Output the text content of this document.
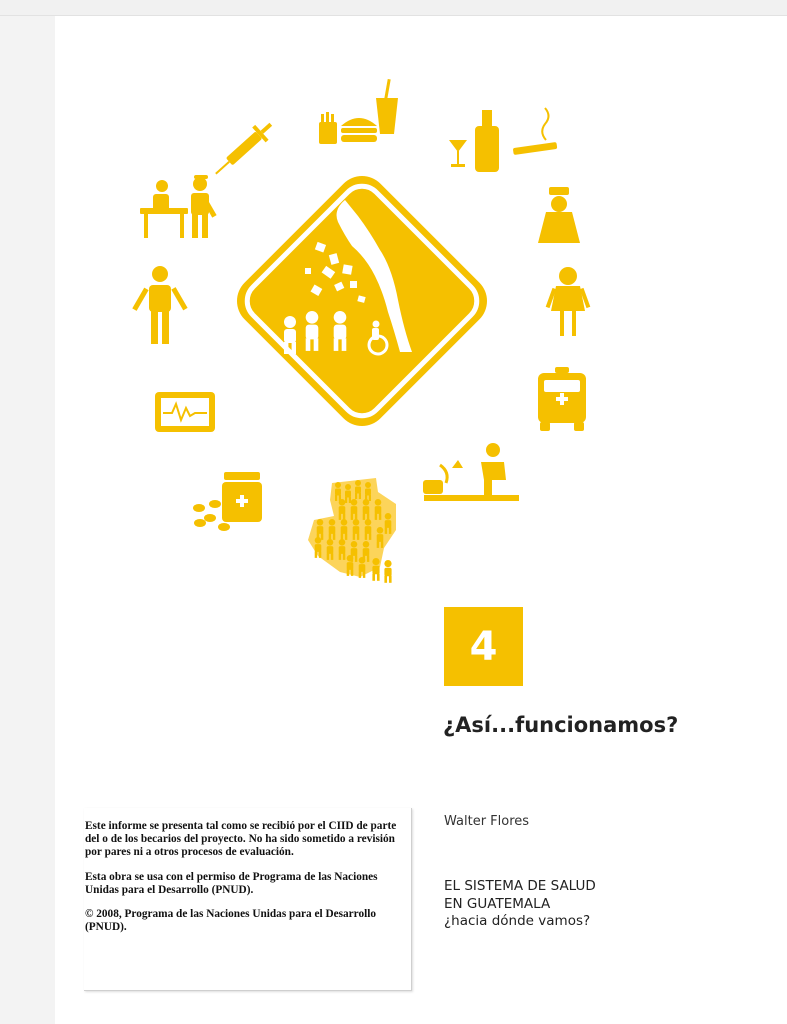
4
¿Así...funcionamos?

Este informe se presenta tal como se recibió por el CIID de parte del o de los becarios del proyecto. No ha sido sometido a revisión por pares ni a otros procesos de evaluación.

Esta obra se usa con el permiso de Programa de las Naciones Unidas para el Desarrollo (PNUD).

© 2008, Programa de las Naciones Unidas para el Desarrollo (PNUD).

Walter Flores
EL SISTEMA DE SALUD
EN GUATEMALA
¿hacia dónde vamos?
